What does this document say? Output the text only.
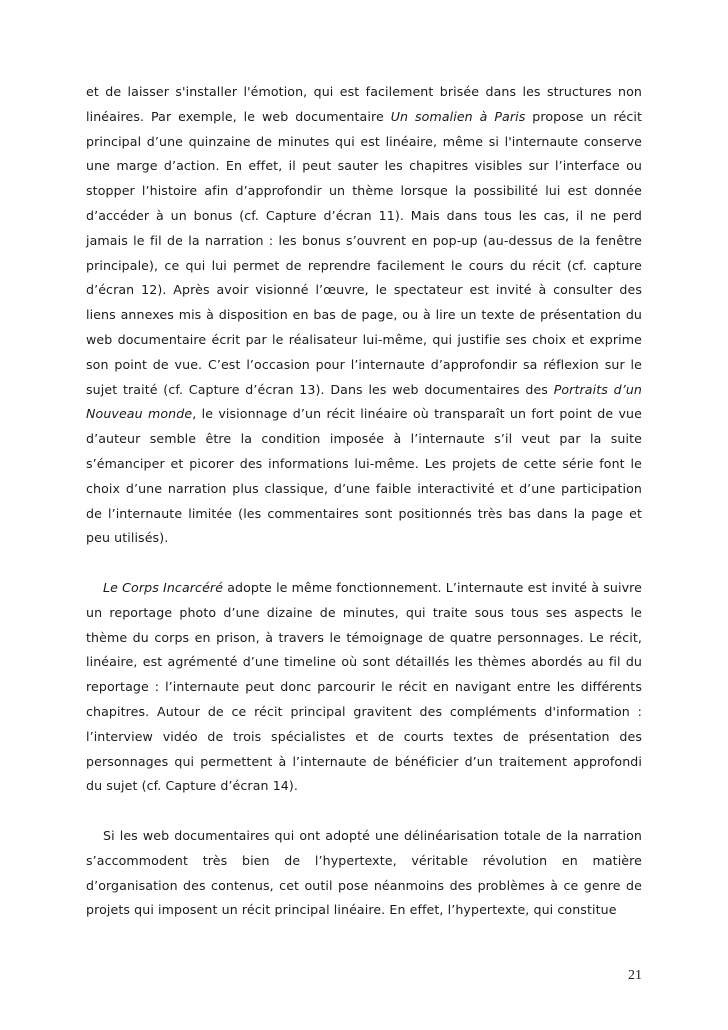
et de laisser s'installer l'émotion, qui est facilement brisée dans les structures non linéaires. Par exemple, le web documentaire Un somalien à Paris propose un récit principal d’une quinzaine de minutes qui est linéaire, même si l'internaute conserve une marge d’action. En effet, il peut sauter les chapitres visibles sur l’interface ou stopper l’histoire afin d’approfondir un thème lorsque la possibilité lui est donnée d’accéder à un bonus (cf. Capture d’écran 11). Mais dans tous les cas, il ne perd jamais le fil de la narration : les bonus s’ouvrent en pop-up (au-dessus de la fenêtre principale), ce qui lui permet de reprendre facilement le cours du récit (cf. capture d’écran 12). Après avoir visionné l’œuvre, le spectateur est invité à consulter des liens annexes mis à disposition en bas de page, ou à lire un texte de présentation du web documentaire écrit par le réalisateur lui-même, qui justifie ses choix et exprime son point de vue. C’est l’occasion pour l’internaute d’approfondir sa réflexion sur le sujet traité (cf. Capture d’écran 13). Dans les web documentaires des Portraits d’un Nouveau monde, le visionnage d’un récit linéaire où transparaît un fort point de vue d’auteur semble être la condition imposée à l’internaute s’il veut par la suite s’émanciper et picorer des informations lui-même. Les projets de cette série font le choix d’une narration plus classique, d’une faible interactivité et d’une participation de l’internaute limitée (les commentaires sont positionnés très bas dans la page et peu utilisés).

Le Corps Incarcéré adopte le même fonctionnement. L’internaute est invité à suivre un reportage photo d’une dizaine de minutes, qui traite sous tous ses aspects le thème du corps en prison, à travers le témoignage de quatre personnages. Le récit, linéaire, est agrémenté d’une timeline où sont détaillés les thèmes abordés au fil du reportage : l’internaute peut donc parcourir le récit en navigant entre les différents chapitres. Autour de ce récit principal gravitent des compléments d'information : l’interview vidéo de trois spécialistes et de courts textes de présentation des personnages qui permettent à l’internaute de bénéficier d’un traitement approfondi du sujet (cf. Capture d’écran 14).

Si les web documentaires qui ont adopté une délinéarisation totale de la narration s’accommodent très bien de l’hypertexte, véritable révolution en matière d’organisation des contenus, cet outil pose néanmoins des problèmes à ce genre de projets qui imposent un récit principal linéaire. En effet, l’hypertexte, qui constitue

21
